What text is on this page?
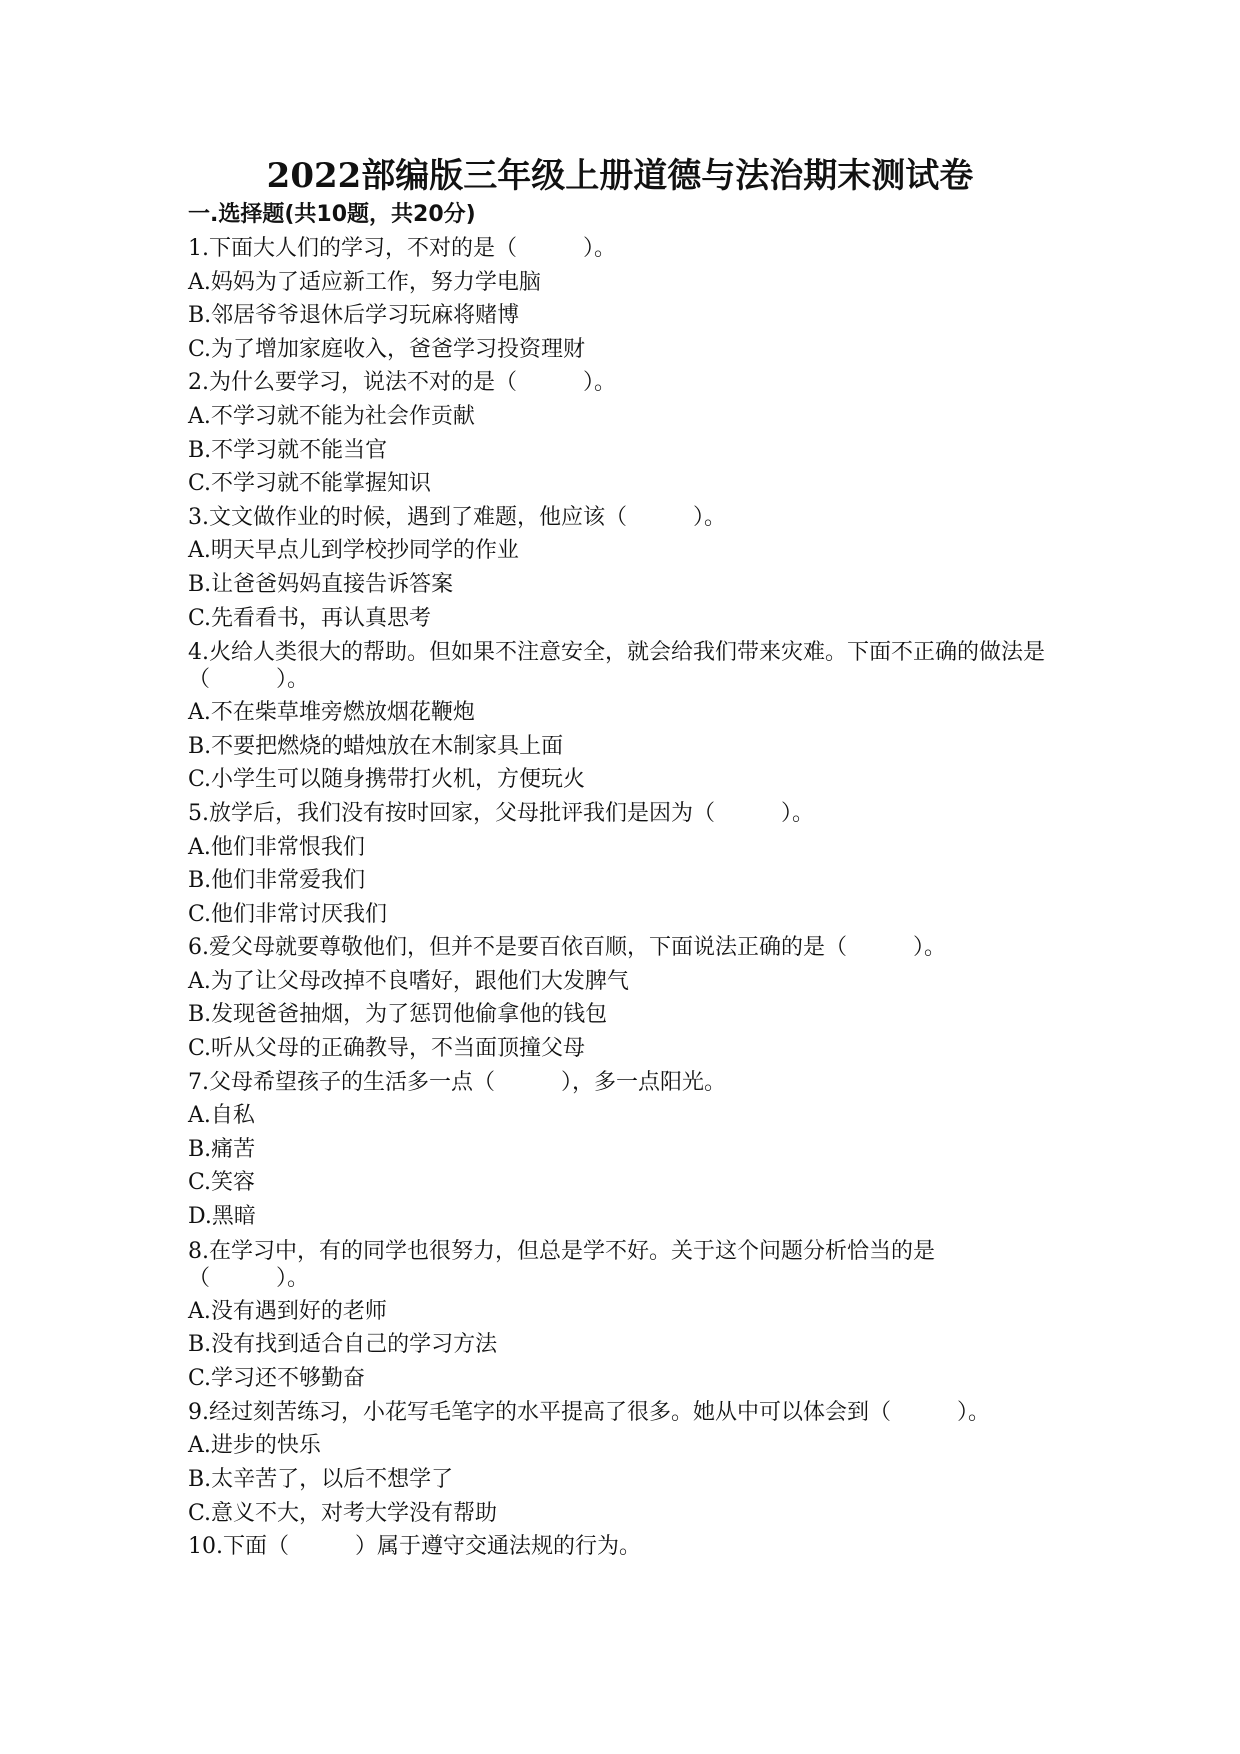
2022部编版三年级上册道德与法治期末测试卷
一.选择题(共10题，共20分)
1.下面大人们的学习，不对的是（　　　）。
A.妈妈为了适应新工作，努力学电脑
B.邻居爷爷退休后学习玩麻将赌博
C.为了增加家庭收入，爸爸学习投资理财
2.为什么要学习，说法不对的是（　　　）。
A.不学习就不能为社会作贡献
B.不学习就不能当官
C.不学习就不能掌握知识
3.文文做作业的时候，遇到了难题，他应该（　　　）。
A.明天早点儿到学校抄同学的作业
B.让爸爸妈妈直接告诉答案
C.先看看书，再认真思考
4.火给人类很大的帮助。但如果不注意安全，就会给我们带来灾难。下面不正确的做法是（　　　）。
A.不在柴草堆旁燃放烟花鞭炮
B.不要把燃烧的蜡烛放在木制家具上面
C.小学生可以随身携带打火机，方便玩火
5.放学后，我们没有按时回家，父母批评我们是因为（　　　）。
A.他们非常恨我们
B.他们非常爱我们
C.他们非常讨厌我们
6.爱父母就要尊敬他们，但并不是要百依百顺，下面说法正确的是（　　　）。
A.为了让父母改掉不良嗜好，跟他们大发脾气
B.发现爸爸抽烟，为了惩罚他偷拿他的钱包
C.听从父母的正确教导，不当面顶撞父母
7.父母希望孩子的生活多一点（　　　），多一点阳光。
A.自私
B.痛苦
C.笑容
D.黑暗
8.在学习中，有的同学也很努力，但总是学不好。关于这个问题分析恰当的是（　　　）。
A.没有遇到好的老师
B.没有找到适合自己的学习方法
C.学习还不够勤奋
9.经过刻苦练习，小花写毛笔字的水平提高了很多。她从中可以体会到（　　　）。
A.进步的快乐
B.太辛苦了，以后不想学了
C.意义不大，对考大学没有帮助
10.下面（　　　）属于遵守交通法规的行为。
